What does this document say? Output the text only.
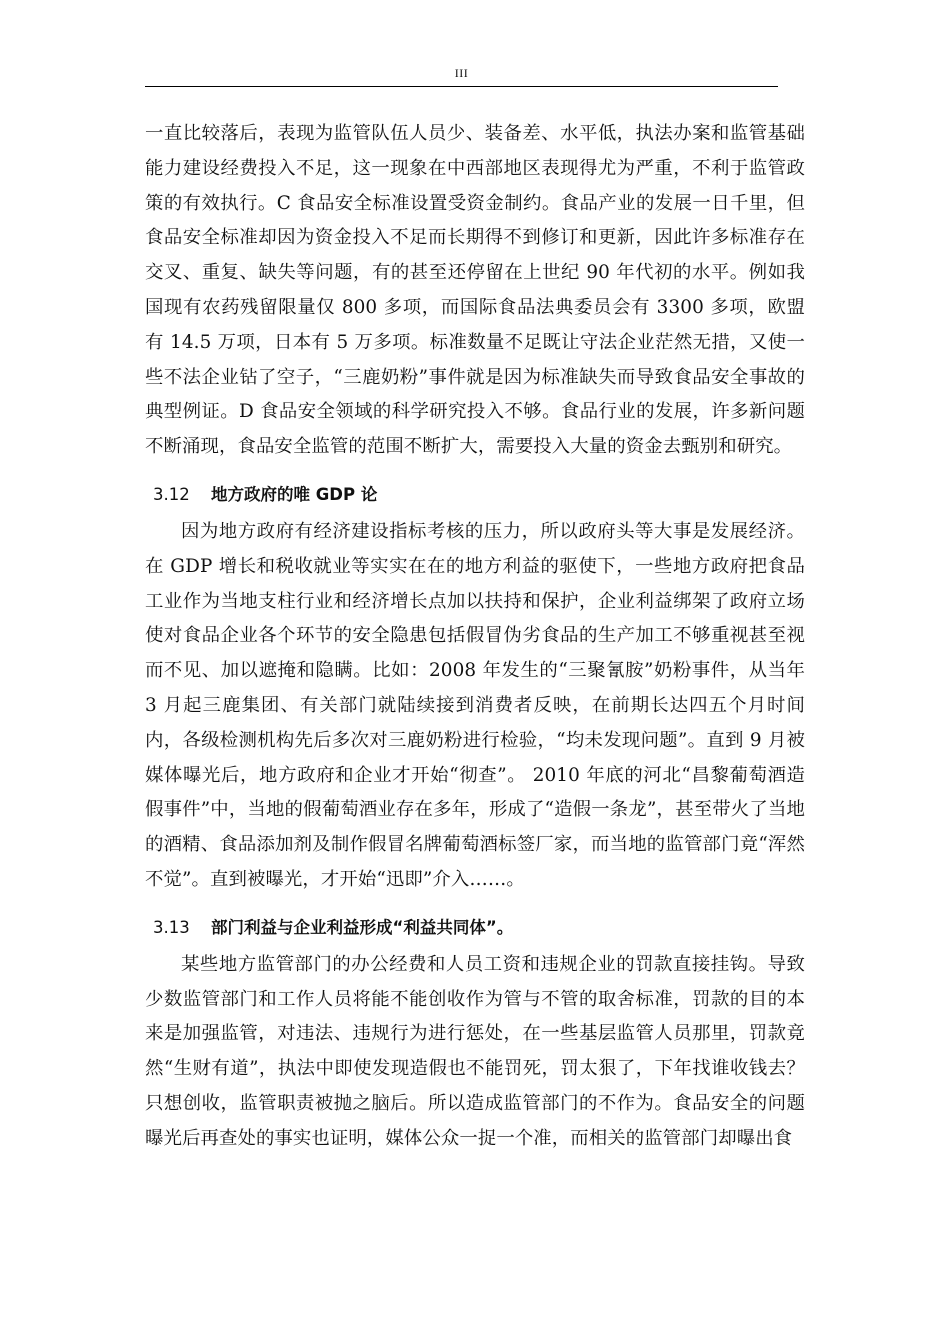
III

一直比较落后，表现为监管队伍人员少、装备差、水平低，执法办案和监管基础能力建设经费投入不足，这一现象在中西部地区表现得尤为严重，不利于监管政策的有效执行。C 食品安全标准设置受资金制约。食品产业的发展一日千里，但食品安全标准却因为资金投入不足而长期得不到修订和更新，因此许多标准存在交叉、重复、缺失等问题，有的甚至还停留在上世纪 90 年代初的水平。例如我国现有农药残留限量仅 800 多项，而国际食品法典委员会有 3300 多项，欧盟有 14.5 万项，日本有 5 万多项。标准数量不足既让守法企业茫然无措，又使一些不法企业钻了空子，“三鹿奶粉”事件就是因为标准缺失而导致食品安全事故的典型例证。D 食品安全领域的科学研究投入不够。食品行业的发展，许多新问题不断涌现，食品安全监管的范围不断扩大，需要投入大量的资金去甄别和研究。

3.12 地方政府的唯 GDP 论

因为地方政府有经济建设指标考核的压力，所以政府头等大事是发展经济。在 GDP 增长和税收就业等实实在在的地方利益的驱使下，一些地方政府把食品工业作为当地支柱行业和经济增长点加以扶持和保护，企业利益绑架了政府立场使对食品企业各个环节的安全隐患包括假冒伪劣食品的生产加工不够重视甚至视而不见、加以遮掩和隐瞒。比如：2008 年发生的“三聚氰胺”奶粉事件，从当年 3 月起三鹿集团、有关部门就陆续接到消费者反映，在前期长达四五个月时间内，各级检测机构先后多次对三鹿奶粉进行检验，“均未发现问题”。直到 9 月被媒体曝光后，地方政府和企业才开始“彻查”。 2010 年底的河北“昌黎葡萄酒造假事件”中，当地的假葡萄酒业存在多年，形成了“造假一条龙”，甚至带火了当地的酒精、食品添加剂及制作假冒名牌葡萄酒标签厂家，而当地的监管部门竟“浑然不觉”。直到被曝光，才开始“迅即”介入……。

3.13 部门利益与企业利益形成“利益共同体”。

某些地方监管部门的办公经费和人员工资和违规企业的罚款直接挂钩。导致少数监管部门和工作人员将能不能创收作为管与不管的取舍标准，罚款的目的本来是加强监管，对违法、违规行为进行惩处，在一些基层监管人员那里，罚款竟然“生财有道”，执法中即使发现造假也不能罚死，罚太狠了，下年找谁收钱去？只想创收，监管职责被抛之脑后。所以造成监管部门的不作为。食品安全的问题曝光后再查处的事实也证明，媒体公众一捉一个准，而相关的监管部门却曝出食
